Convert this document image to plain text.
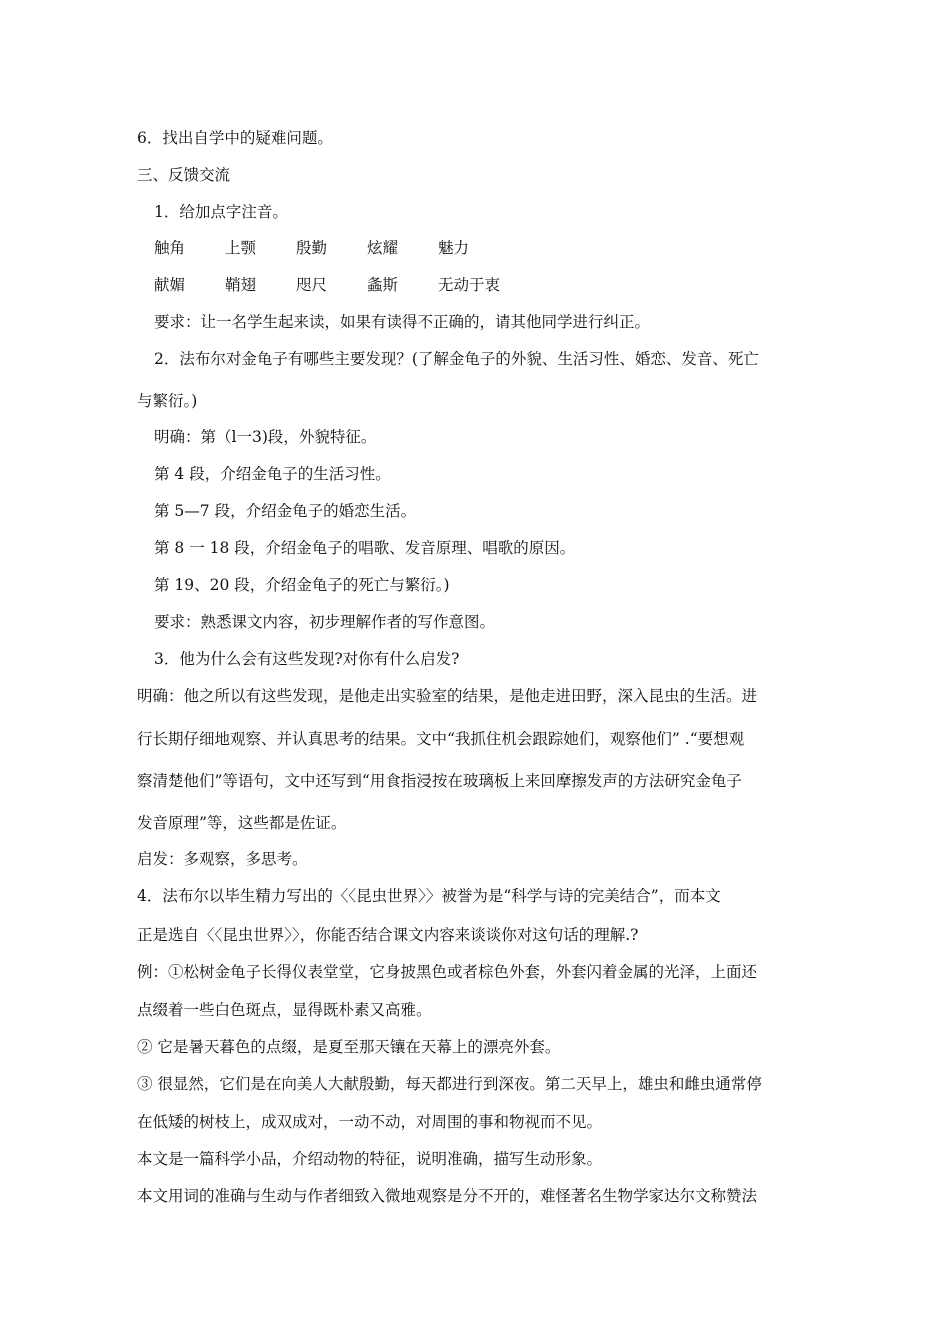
6．找出自学中的疑难问题。
三、反馈交流
1．给加点字注音。
触角	上颚	殷勤	炫耀	魅力
献媚	鞘翅	咫尺	螽斯	无动于衷
要求：让一名学生起来读，如果有读得不正确的，请其他同学进行纠正。
2．法布尔对金龟子有哪些主要发现？(了解金龟子的外貌、生活习性、婚恋、发音、死亡
与繁衍。)
明确：第（l一3)段，外貌特征。
第 4 段，介绍金龟子的生活习性。
第 5—7 段，介绍金龟子的婚恋生活。
第 8 一 18 段，介绍金龟子的唱歌、发音原理、唱歌的原因。
第 19、20 段，介绍金龟子的死亡与繁衍。)
要求：熟悉课文内容，初步理解作者的写作意图。
3．他为什么会有这些发现?对你有什么启发?
明确：他之所以有这些发现，是他走出实验室的结果，是他走进田野，深入昆虫的生活。进
行长期仔细地观察、并认真思考的结果。文中“我抓住机会跟踪她们，观察他们” .“要想观
察清楚他们”等语句，文中还写到“用食指浸按在玻璃板上来回摩擦发声的方法研究金龟子
发音原理”等，这些都是佐证。
启发：多观察，多思考。
4．法布尔以毕生精力写出的〈〈昆虫世界〉〉被誉为是“科学与诗的完美结合”，而本文
正是选自〈〈昆虫世界〉〉，你能否结合课文内容来谈谈你对这句话的理解.?
例：①松树金龟子长得仪表堂堂，它身披黑色或者棕色外套，外套闪着金属的光泽，上面还
点缀着一些白色斑点，显得既朴素又高雅。
② 它是暑天暮色的点缀，是夏至那天镶在天幕上的漂亮外套。
③ 很显然，它们是在向美人大献殷勤，每天都进行到深夜。第二天早上，雄虫和雌虫通常停
在低矮的树枝上，成双成对，一动不动，对周围的事和物视而不见。
本文是一篇科学小品，介绍动物的特征，说明准确，描写生动形象。
本文用词的准确与生动与作者细致入微地观察是分不开的，难怪著名生物学家达尔文称赞法
